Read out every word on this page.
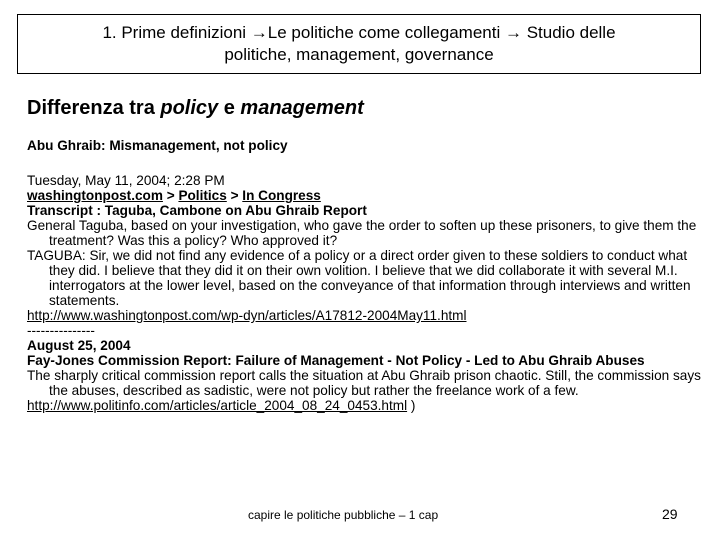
1. Prime definizioni →Le politiche come collegamenti → Studio delle
politiche, management, governance
Differenza tra policy e management

Abu Ghraib: Mismanagement, not policy

Tuesday, May 11, 2004; 2:28 PM

washingtonpost.com > Politics > In Congress

Transcript : Taguba, Cambone on Abu Ghraib Report

General Taguba, based on your investigation, who gave the order to soften up these prisoners, to give them the treatment? Was this a policy? Who approved it?

TAGUBA: Sir, we did not find any evidence of a policy or a direct order given to these soldiers to conduct what they did. I believe that they did it on their own volition. I believe that we did collaborate it with several M.I. interrogators at the lower level, based on the conveyance of that information through interviews and written statements.

http://www.washingtonpost.com/wp-dyn/articles/A17812-2004May11.html

---------------

August 25, 2004

Fay-Jones Commission Report: Failure of Management - Not Policy - Led to Abu Ghraib Abuses

The sharply critical commission report calls the situation at Abu Ghraib prison chaotic. Still, the commission says the abuses, described as sadistic, were not policy but rather the freelance work of a few.

http://www.politinfo.com/articles/article_2004_08_24_0453.html )

capire le politiche pubbliche – 1 cap	29
